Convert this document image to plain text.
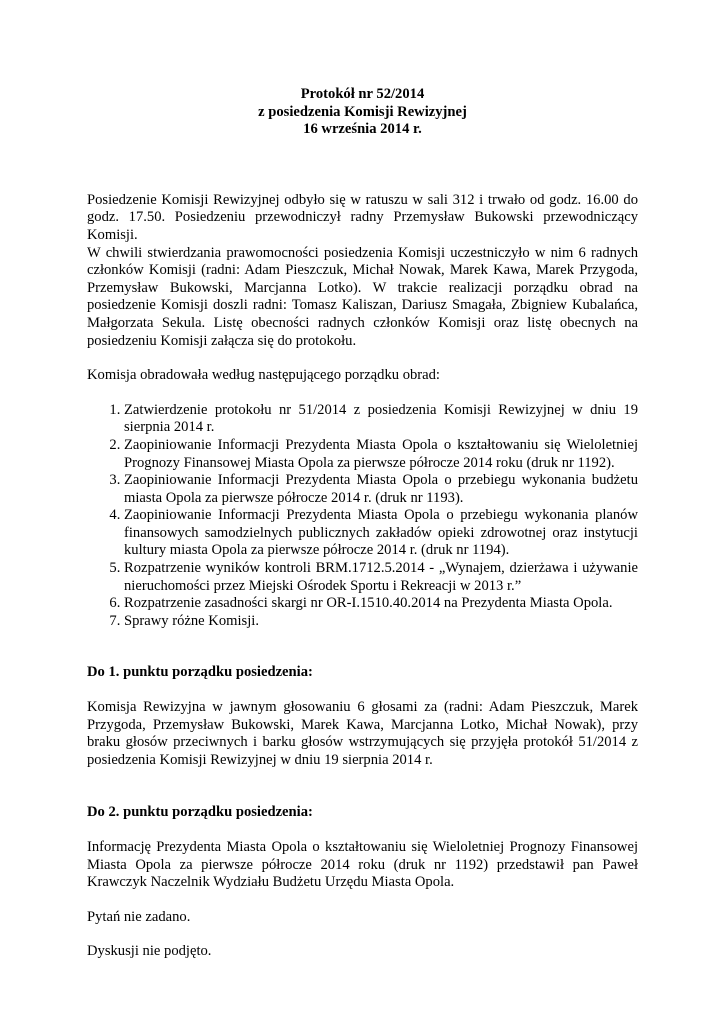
Protokół nr 52/2014
z posiedzenia Komisji Rewizyjnej
16 września 2014 r.

Posiedzenie Komisji Rewizyjnej odbyło się w ratuszu w sali 312 i trwało od godz. 16.00 do godz. 17.50. Posiedzeniu przewodniczył radny Przemysław Bukowski przewodniczący Komisji.

W chwili stwierdzania prawomocności posiedzenia Komisji uczestniczyło w nim 6 radnych członków Komisji (radni: Adam Pieszczuk, Michał Nowak, Marek Kawa, Marek Przygoda, Przemysław Bukowski, Marcjanna Lotko). W trakcie realizacji porządku obrad na posiedzenie Komisji doszli radni: Tomasz Kaliszan, Dariusz Smagała, Zbigniew Kubalańca, Małgorzata Sekula. Listę obecności radnych członków Komisji oraz listę obecnych na posiedzeniu Komisji załącza się do protokołu.

Komisja obradowała według następującego porządku obrad:

1. Zatwierdzenie protokołu nr 51/2014 z posiedzenia Komisji Rewizyjnej w dniu 19 sierpnia 2014 r.
2. Zaopiniowanie Informacji Prezydenta Miasta Opola o kształtowaniu się Wieloletniej Prognozy Finansowej Miasta Opola za pierwsze półrocze 2014 roku (druk nr 1192).
3. Zaopiniowanie Informacji Prezydenta Miasta Opola o przebiegu wykonania budżetu miasta Opola za pierwsze półrocze 2014 r. (druk nr 1193).
4. Zaopiniowanie Informacji Prezydenta Miasta Opola o przebiegu wykonania planów finansowych samodzielnych publicznych zakładów opieki zdrowotnej oraz instytucji kultury miasta Opola za pierwsze półrocze 2014 r. (druk nr 1194).
5. Rozpatrzenie wyników kontroli BRM.1712.5.2014 - „Wynajem, dzierżawa i używanie nieruchomości przez Miejski Ośrodek Sportu i Rekreacji w 2013 r.”
6. Rozpatrzenie zasadności skargi nr OR-I.1510.40.2014 na Prezydenta Miasta Opola.
7. Sprawy różne Komisji.

Do 1. punktu porządku posiedzenia:

Komisja Rewizyjna w jawnym głosowaniu 6 głosami za (radni: Adam Pieszczuk, Marek Przygoda, Przemysław Bukowski, Marek Kawa, Marcjanna Lotko, Michał Nowak), przy braku głosów przeciwnych i barku głosów wstrzymujących się przyjęła protokół 51/2014 z posiedzenia Komisji Rewizyjnej w dniu 19 sierpnia 2014 r.

Do 2. punktu porządku posiedzenia:

Informację Prezydenta Miasta Opola o kształtowaniu się Wieloletniej Prognozy Finansowej Miasta Opola za pierwsze półrocze 2014 roku (druk nr 1192) przedstawił pan Paweł Krawczyk Naczelnik Wydziału Budżetu Urzędu Miasta Opola.

Pytań nie zadano.

Dyskusji nie podjęto.
